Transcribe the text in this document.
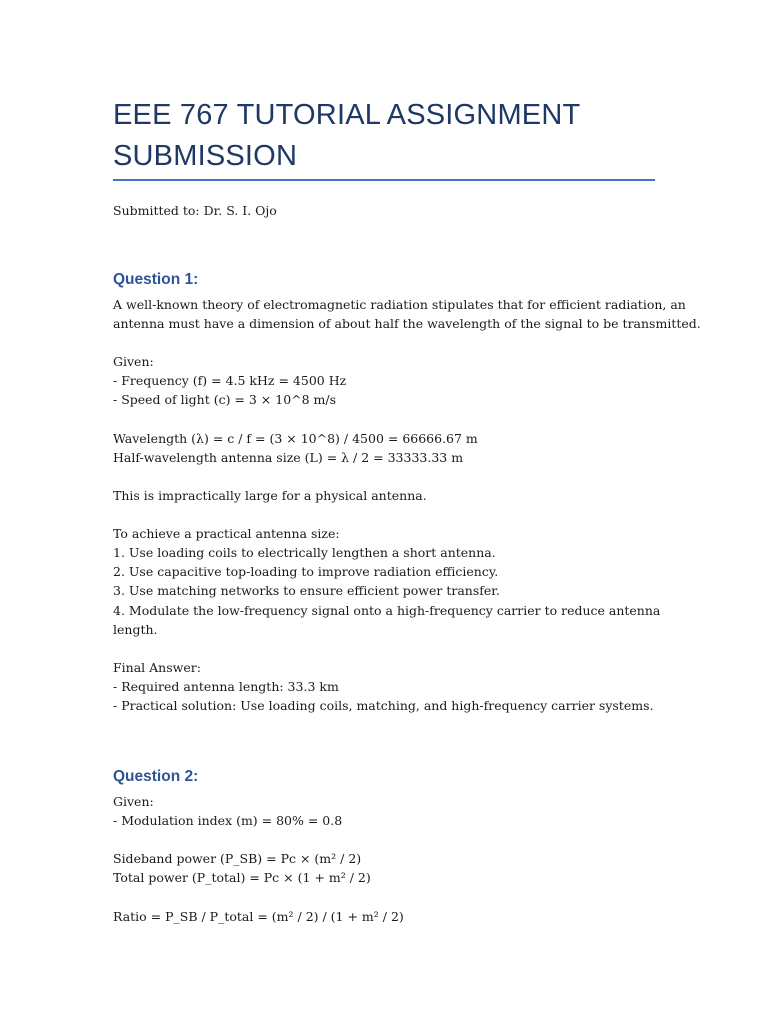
EEE 767 TUTORIAL ASSIGNMENT SUBMISSION

Submitted to: Dr. S. I. Ojo

Question 1:
A well-known theory of electromagnetic radiation stipulates that for efficient radiation, an
antenna must have a dimension of about half the wavelength of the signal to be transmitted.
Given:
- Frequency (f) = 4.5 kHz = 4500 Hz
- Speed of light (c) = 3 × 10^8 m/s
Wavelength (λ) = c / f = (3 × 10^8) / 4500 = 66666.67 m
Half-wavelength antenna size (L) = λ / 2 = 33333.33 m
This is impractically large for a physical antenna.
To achieve a practical antenna size:
1. Use loading coils to electrically lengthen a short antenna.
2. Use capacitive top-loading to improve radiation efficiency.
3. Use matching networks to ensure efficient power transfer.
4. Modulate the low-frequency signal onto a high-frequency carrier to reduce antenna
length.
Final Answer:
- Required antenna length: 33.3 km
- Practical solution: Use loading coils, matching, and high-frequency carrier systems.
Question 2:
Given:
- Modulation index (m) = 80% = 0.8
Sideband power (P_SB) = Pc × (m² / 2)
Total power (P_total) = Pc × (1 + m² / 2)
Ratio = P_SB / P_total = (m² / 2) / (1 + m² / 2)
